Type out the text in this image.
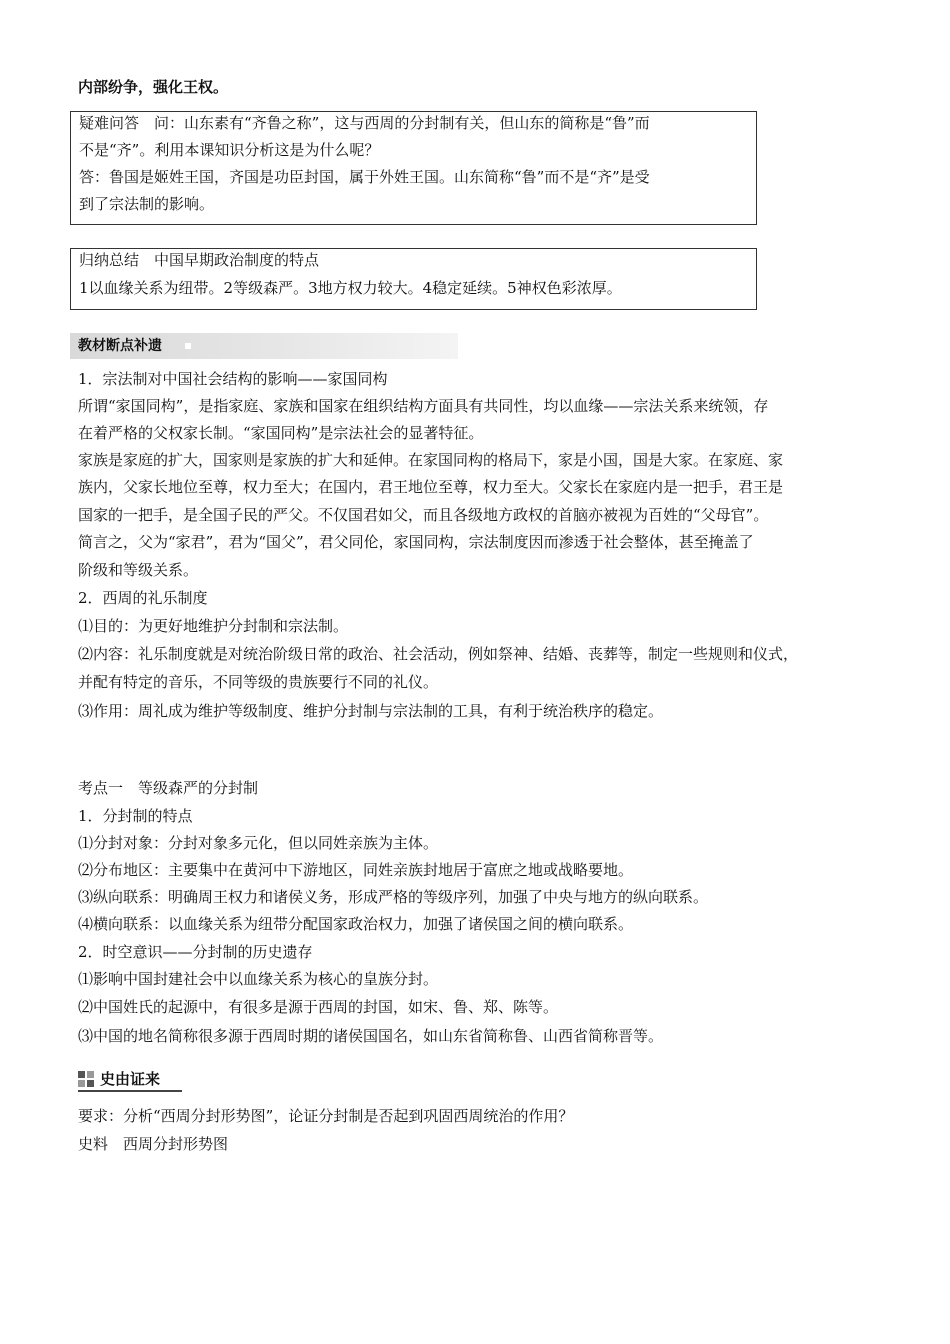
内部纷争，强化王权。
疑难问答　问：山东素有“齐鲁之称”，这与西周的分封制有关，但山东的简称是“鲁”而
不是“齐”。利用本课知识分析这是为什么呢？
答：鲁国是姬姓王国，齐国是功臣封国，属于外姓王国。山东简称“鲁”而不是“齐”是受
到了宗法制的影响。
归纳总结　中国早期政治制度的特点
1以血缘关系为纽带。2等级森严。3地方权力较大。4稳定延续。5神权色彩浓厚。
教材断点补遗
1．宗法制对中国社会结构的影响——家国同构
所谓“家国同构”，是指家庭、家族和国家在组织结构方面具有共同性，均以血缘——宗法关系来统领，存
在着严格的父权家长制。“家国同构”是宗法社会的显著特征。
家族是家庭的扩大，国家则是家族的扩大和延伸。在家国同构的格局下，家是小国，国是大家。在家庭、家
族内，父家长地位至尊，权力至大；在国内，君王地位至尊，权力至大。父家长在家庭内是一把手，君王是
国家的一把手，是全国子民的严父。不仅国君如父，而且各级地方政权的首脑亦被视为百姓的“父母官”。
简言之，父为“家君”，君为“国父”，君父同伦，家国同构，宗法制度因而渗透于社会整体，甚至掩盖了
阶级和等级关系。
2．西周的礼乐制度
⑴目的：为更好地维护分封制和宗法制。
⑵内容：礼乐制度就是对统治阶级日常的政治、社会活动，例如祭神、结婚、丧葬等，制定一些规则和仪式，
并配有特定的音乐，不同等级的贵族要行不同的礼仪。
⑶作用：周礼成为维护等级制度、维护分封制与宗法制的工具，有利于统治秩序的稳定。
考点一　等级森严的分封制
1．分封制的特点
⑴分封对象：分封对象多元化，但以同姓亲族为主体。
⑵分布地区：主要集中在黄河中下游地区，同姓亲族封地居于富庶之地或战略要地。
⑶纵向联系：明确周王权力和诸侯义务，形成严格的等级序列，加强了中央与地方的纵向联系。
⑷横向联系：以血缘关系为纽带分配国家政治权力，加强了诸侯国之间的横向联系。
2．时空意识——分封制的历史遗存
⑴影响中国封建社会中以血缘关系为核心的皇族分封。
⑵中国姓氏的起源中，有很多是源于西周的封国，如宋、鲁、郑、陈等。
⑶中国的地名简称很多源于西周时期的诸侯国国名，如山东省简称鲁、山西省简称晋等。
史由证来
要求：分析“西周分封形势图”，论证分封制是否起到巩固西周统治的作用？
史料　西周分封形势图
